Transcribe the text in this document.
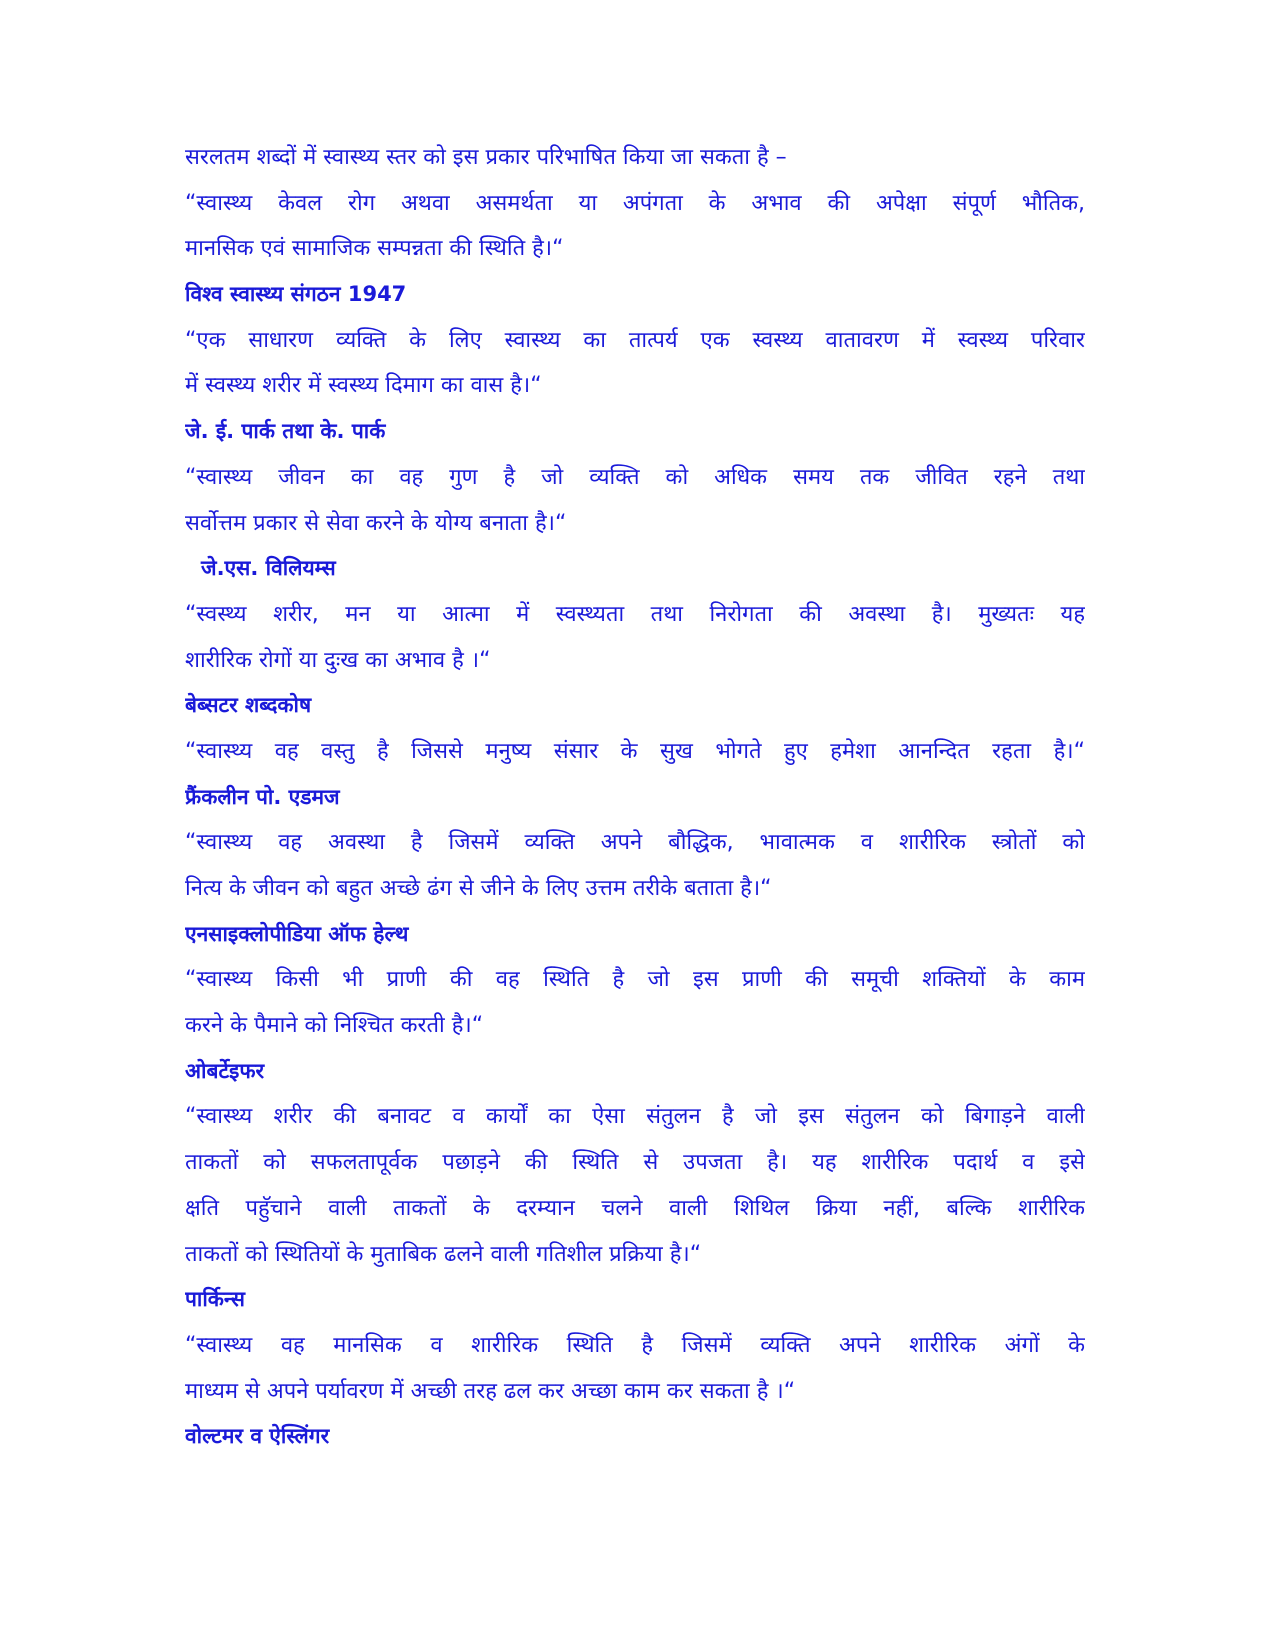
सरलतम शब्दों में स्वास्थ्य स्तर को इस प्रकार परिभाषित किया जा सकता है –
“स्वास्थ्य केवल रोग अथवा असमर्थता या अपंगता के अभाव की अपेक्षा संपूर्ण भौतिक,
मानसिक एवं सामाजिक सम्पन्नता की स्थिति है।“
विश्व स्वास्थ्य संगठन 1947
“एक साधारण व्यक्ति के लिए स्वास्थ्य का तात्पर्य एक स्वस्थ्य वातावरण में स्वस्थ्य परिवार
में स्वस्थ्य शरीर में स्वस्थ्य दिमाग का वास है।“
जे. ई. पार्क तथा के. पार्क
“स्वास्थ्य जीवन का वह गुण है जो व्यक्ति को अधिक समय तक जीवित रहने तथा
सर्वोत्तम प्रकार से सेवा करने के योग्य बनाता है।“
जे.एस. विलियम्स
“स्वस्थ्य शरीर, मन या आत्मा में स्वस्थ्यता तथा निरोगता की अवस्था है। मुख्यतः यह
शारीरिक रोगों या दुःख का अभाव है ।“
बेब्सटर शब्दकोष
“स्वास्थ्य वह वस्तु है जिससे मनुष्य संसार के सुख भोगते हुए हमेशा आनन्दित रहता है।“
फ्रैंकलीन पो. एडमज
“स्वास्थ्य वह अवस्था है जिसमें व्यक्ति अपने बौद्धिक, भावात्मक व शारीरिक स्त्रोतों को
नित्य के जीवन को बहुत अच्छे ढंग से जीने के लिए उत्तम तरीके बताता है।“
एनसाइक्लोपीडिया ऑफ हेल्थ
“स्वास्थ्य किसी भी प्राणी की वह स्थिति है जो इस प्राणी की समूची शक्तियों के काम
करने के पैमाने को निश्चित करती है।“
ओबर्टेइफर
“स्वास्थ्य शरीर की बनावट व कार्यों का ऐसा संतुलन है जो इस संतुलन को बिगाड़ने वाली
ताकतों को सफलतापूर्वक पछाड़ने की स्थिति से उपजता है। यह शारीरिक पदार्थ व इसे
क्षति पहुॅचाने वाली ताकतों के दरम्यान चलने वाली शिथिल क्रिया नहीं, बल्कि शारीरिक
ताकतों को स्थितियों के मुताबिक ढलने वाली गतिशील प्रक्रिया है।“
पार्किन्स
“स्वास्थ्य वह मानसिक व शारीरिक स्थिति है जिसमें व्यक्ति अपने शारीरिक अंगों के
माध्यम से अपने पर्यावरण में अच्छी तरह ढल कर अच्छा काम कर सकता है ।“
वोल्टमर व ऐस्लिंगर
